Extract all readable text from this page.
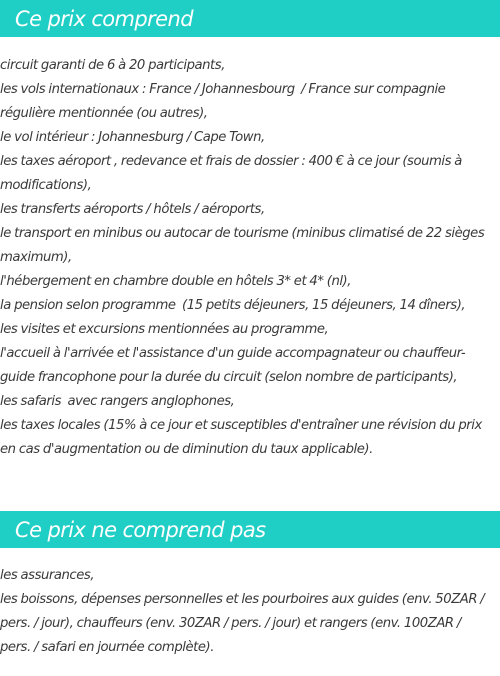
Ce prix comprend
circuit garanti de 6 à 20 participants,
les vols internationaux : France / Johannesbourg  / France sur compagnie régulière mentionnée (ou autres),
le vol intérieur : Johannesburg / Cape Town,
les taxes aéroport , redevance et frais de dossier : 400 € à ce jour (soumis à modifications),
les transferts aéroports / hôtels / aéroports,
le transport en minibus ou autocar de tourisme (minibus climatisé de 22 sièges maximum),
l'hébergement en chambre double en hôtels 3* et 4* (nl),
la pension selon programme  (15 petits déjeuners, 15 déjeuners, 14 dîners),
les visites et excursions mentionnées au programme,
l'accueil à l'arrivée et l'assistance d'un guide accompagnateur ou chauffeur-guide francophone pour la durée du circuit (selon nombre de participants),
les safaris  avec rangers anglophones,
les taxes locales (15% à ce jour et susceptibles d'entraîner une révision du prix en cas d'augmentation ou de diminution du taux applicable).
Ce prix ne comprend pas
les assurances,
les boissons, dépenses personnelles et les pourboires aux guides (env. 50ZAR / pers. / jour), chauffeurs (env. 30ZAR / pers. / jour) et rangers (env. 100ZAR / pers. / safari en journée complète).
